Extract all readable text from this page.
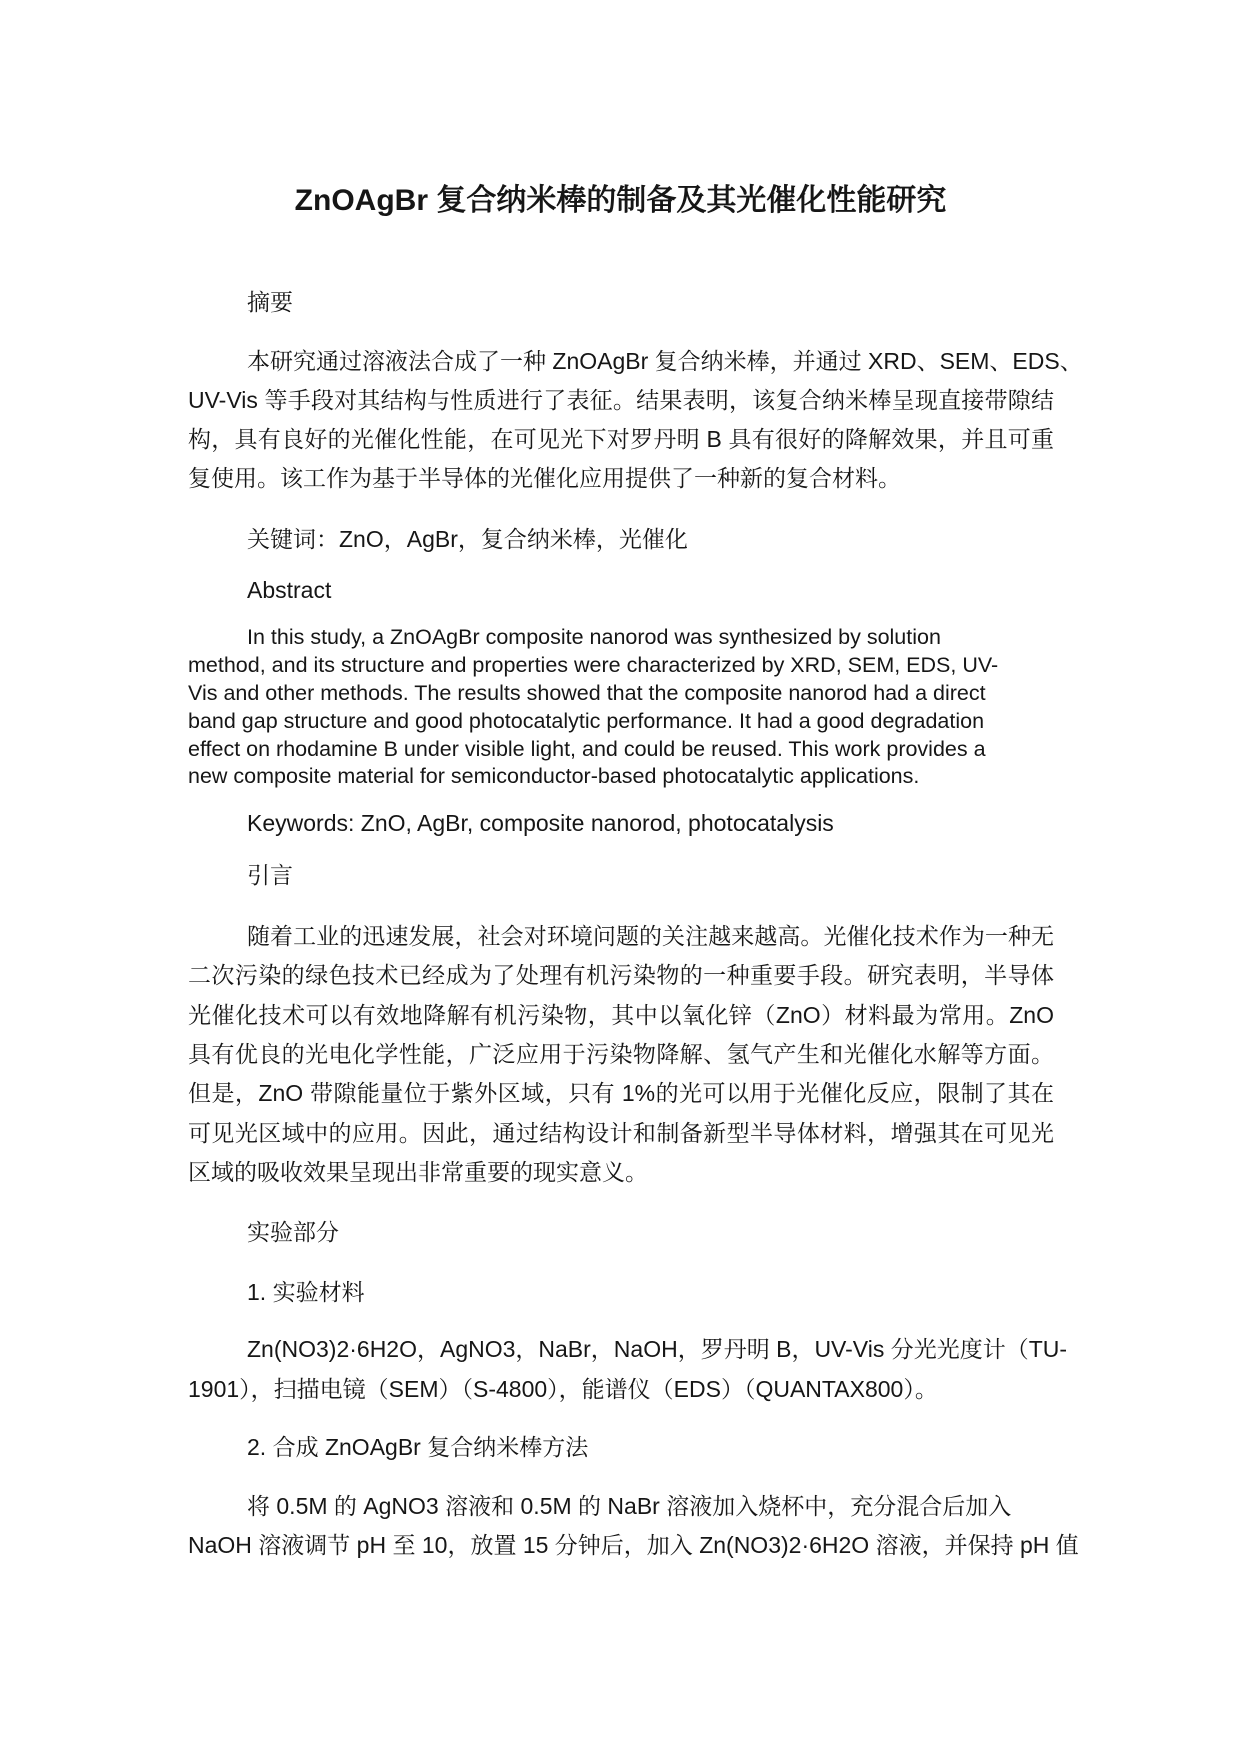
ZnOAgBr 复合纳米棒的制备及其光催化性能研究
摘要
本研究通过溶液法合成了一种 ZnOAgBr 复合纳米棒，并通过 XRD、SEM、EDS、
UV-Vis 等手段对其结构与性质进行了表征。结果表明，该复合纳米棒呈现直接带隙结
构，具有良好的光催化性能，在可见光下对罗丹明 B 具有很好的降解效果，并且可重
复使用。该工作为基于半导体的光催化应用提供了一种新的复合材料。
关键词：ZnO，AgBr，复合纳米棒，光催化
Abstract
In this study, a ZnOAgBr composite nanorod was synthesized by solution
method, and its structure and properties were characterized by XRD, SEM, EDS, UV-
Vis and other methods. The results showed that the composite nanorod had a direct
band gap structure and good photocatalytic performance. It had a good degradation
effect on rhodamine B under visible light, and could be reused. This work provides a
new composite material for semiconductor-based photocatalytic applications.
Keywords: ZnO, AgBr, composite nanorod, photocatalysis
引言
随着工业的迅速发展，社会对环境问题的关注越来越高。光催化技术作为一种无
二次污染的绿色技术已经成为了处理有机污染物的一种重要手段。研究表明，半导体
光催化技术可以有效地降解有机污染物，其中以氧化锌（ZnO）材料最为常用。ZnO
具有优良的光电化学性能，广泛应用于污染物降解、氢气产生和光催化水解等方面。
但是，ZnO 带隙能量位于紫外区域，只有 1%的光可以用于光催化反应，限制了其在
可见光区域中的应用。因此，通过结构设计和制备新型半导体材料，增强其在可见光
区域的吸收效果呈现出非常重要的现实意义。
实验部分
1. 实验材料
Zn(NO3)2·6H2O，AgNO3，NaBr，NaOH，罗丹明 B，UV-Vis 分光光度计（TU-
1901），扫描电镜（SEM）（S-4800），能谱仪（EDS）（QUANTAX800）。
2. 合成 ZnOAgBr 复合纳米棒方法
将 0.5M 的 AgNO3 溶液和 0.5M 的 NaBr 溶液加入烧杯中，充分混合后加入
NaOH 溶液调节 pH 至 10，放置 15 分钟后，加入 Zn(NO3)2·6H2O 溶液，并保持 pH 值
